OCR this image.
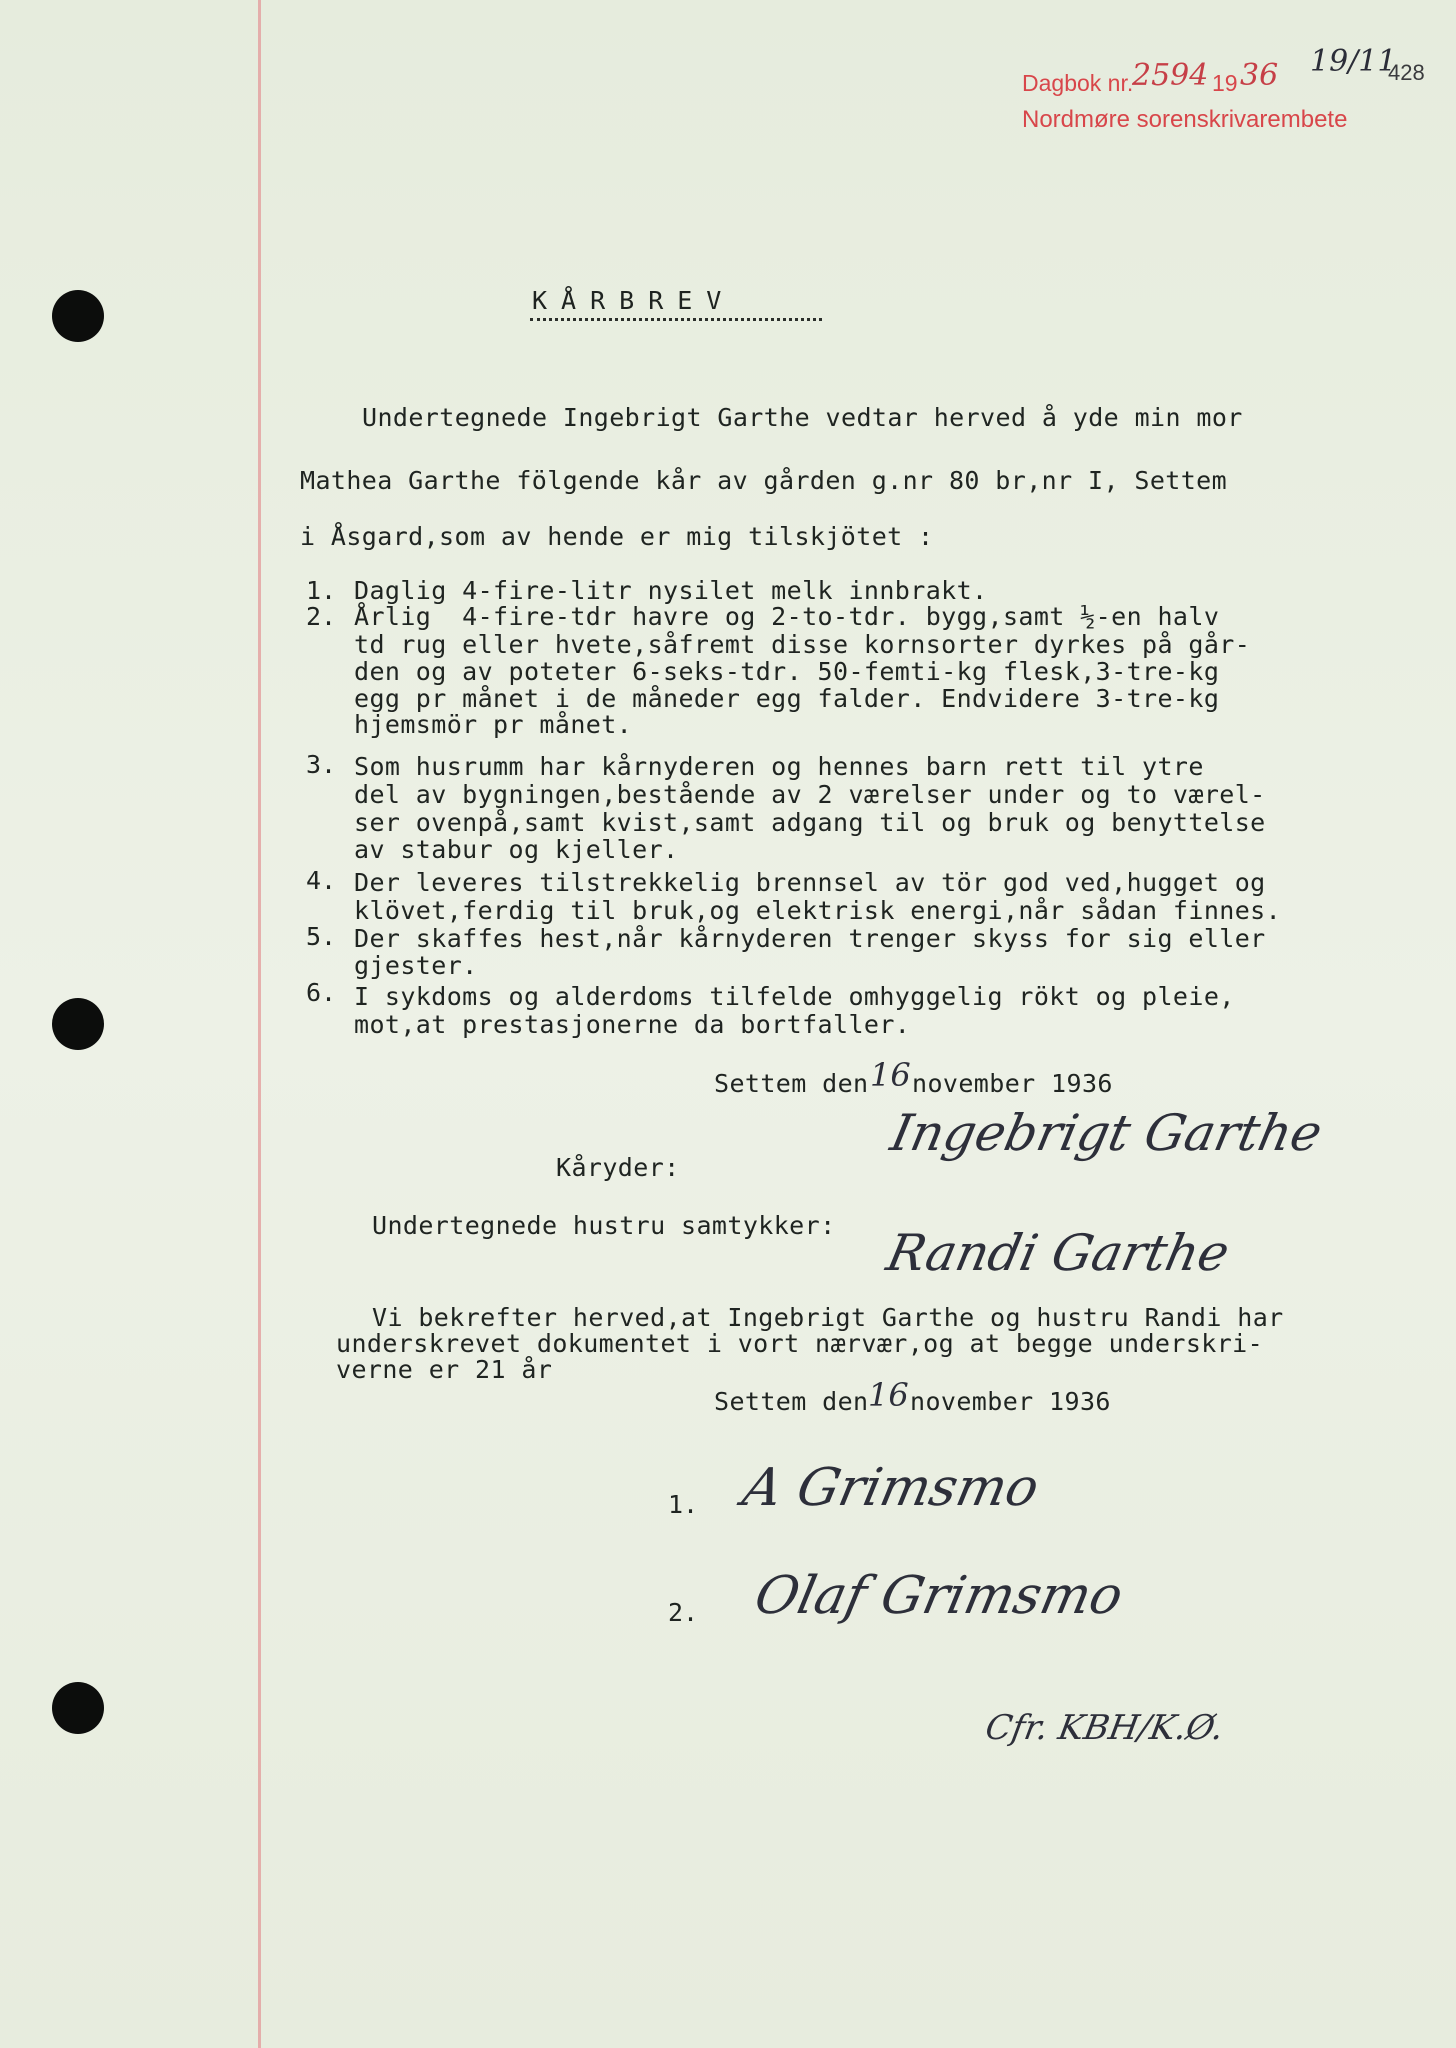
Dagbok nr.
2594 19 36 19/11
Nordmøre sorenskrivarembete
428
KÅRBREV
Undertegnede Ingebrigt Garthe vedtar herved å yde min mor
Mathea Garthe fölgende kår av gården g.nr 80 br,nr I, Settem
i Åsgard,som av hende er mig tilskjötet :
1. Daglig 4-fire-litr nysilet melk innbrakt.
2. Årlig  4-fire-tdr havre og 2-to-tdr. bygg,samt ½-en halv
td rug eller hvete,såfremt disse kornsorter dyrkes på går-
den og av poteter 6-seks-tdr. 50-femti-kg flesk,3-tre-kg
egg pr månet i de måneder egg falder. Endvidere 3-tre-kg
hjemsmör pr månet.
3. Som husrumm har kårnyderen og hennes barn rett til ytre
del av bygningen,bestående av 2 værelser under og to værel-
ser ovenpå,samt kvist,samt adgang til og bruk og benyttelse
av stabur og kjeller.
4. Der leveres tilstrekkelig brennsel av tör god ved,hugget og
klövet,ferdig til bruk,og elektrisk energi,når sådan finnes.
5. Der skaffes hest,når kårnyderen trenger skyss for sig eller
gjester.
6. I sykdoms og alderdoms tilfelde omhyggelig rökt og pleie,
mot,at prestasjonerne da bortfaller.
Settem den 16 november 1936
Ingebrigt Garthe
Kåryder:
Undertegnede hustru samtykker: Randi Garthe
Vi bekrefter herved,at Ingebrigt Garthe og hustru Randi har
underskrevet dokumentet i vort nærvær,og at begge underskri-
verne er 21 år
Settem den 16 november 1936
1. A Grimsmo
2. Olaf Grimsmo
Cfr. KBH/K.Ø.
